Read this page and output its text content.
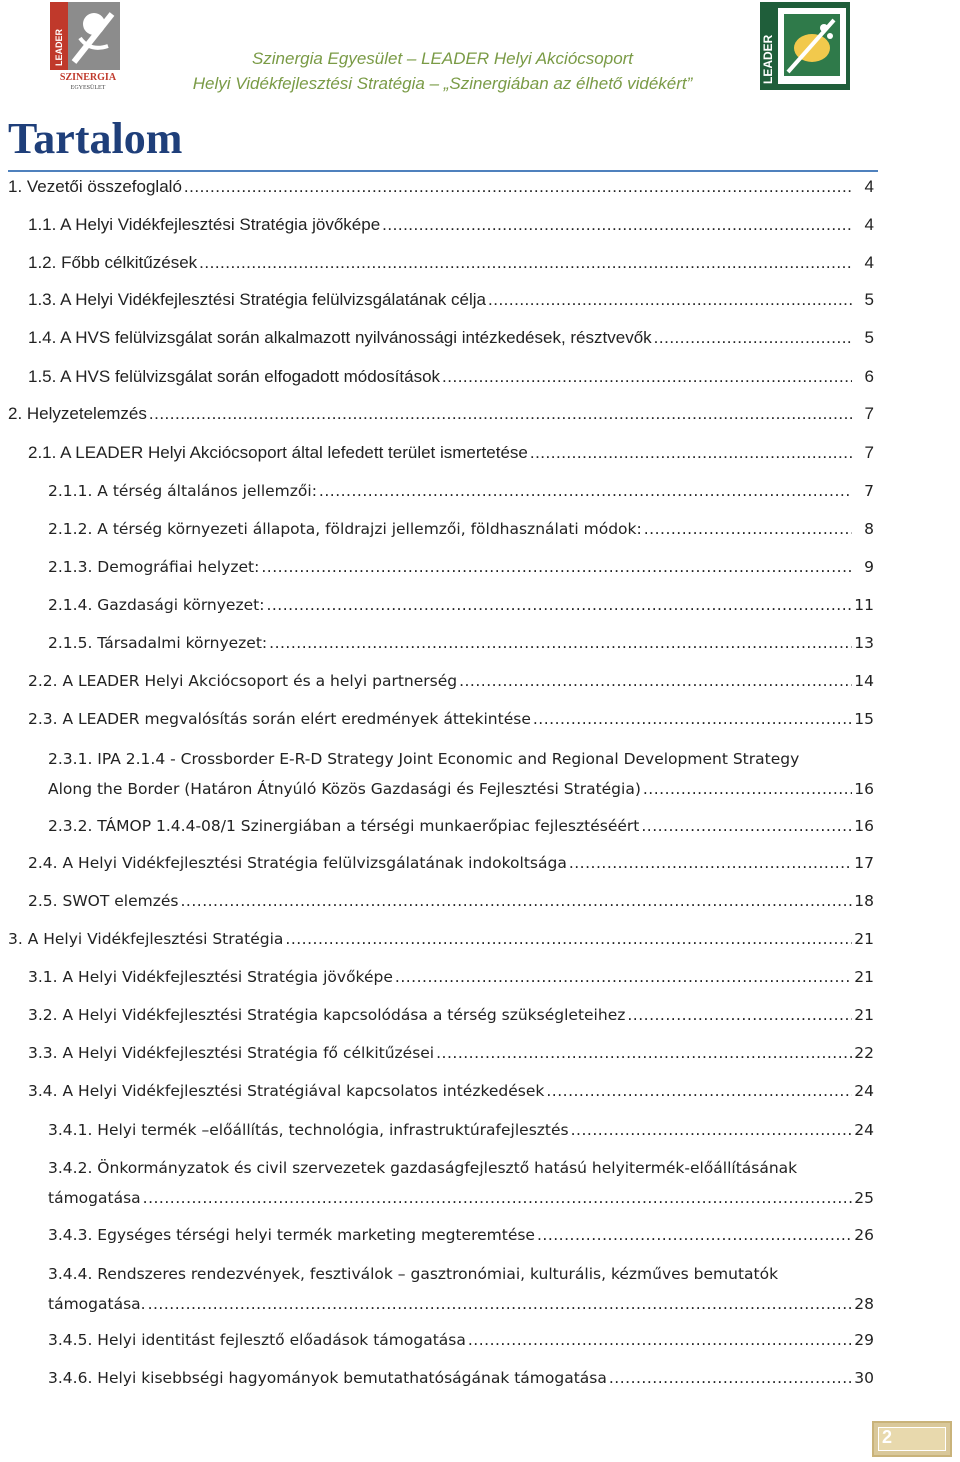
LEADER
SZINERGIA
EGYESÜLET
Szinergia Egyesület – LEADER Helyi Akciócsoport
Helyi Vidékfejlesztési Stratégia – „Szinergiában az élhető vidékért”	LEADER
Tartalom
1. Vezetői összefoglaló .....	4
1.1. A Helyi Vidékfejlesztési Stratégia jövőképe .....	4
1.2. Főbb célkitűzések .....	4
1.3. A Helyi Vidékfejlesztési Stratégia felülvizsgálatának célja .....	5
1.4. A HVS felülvizsgálat során alkalmazott nyilvánossági intézkedések, résztvevők .....	5
1.5. A HVS felülvizsgálat során elfogadott módosítások .....	6
2. Helyzetelemzés .....	7
2.1. A LEADER Helyi Akciócsoport által lefedett terület ismertetése .....	7
2.1.1. A térség általános jellemzői: .....	7
2.1.2. A térség környezeti állapota, földrajzi jellemzői, földhasználati módok: .....	8
2.1.3. Demográfiai helyzet: .....	9
2.1.4. Gazdasági környezet: .....	11
2.1.5. Társadalmi környezet: .....	13
2.2. A LEADER Helyi Akciócsoport és a helyi partnerség .....	14
2.3. A LEADER megvalósítás során elért eredmények áttekintése .....	15
2.3.1. IPA 2.1.4 - Crossborder E-R-D Strategy Joint Economic and Regional Development Strategy
Along the Border (Határon Átnyúló Közös Gazdasági és Fejlesztési Stratégia) .....	16
2.3.2. TÁMOP 1.4.4-08/1 Szinergiában a térségi munkaerőpiac fejlesztéséért .....	16
2.4. A Helyi Vidékfejlesztési Stratégia felülvizsgálatának indokoltsága .....	17
2.5. SWOT elemzés .....	18
3. A Helyi Vidékfejlesztési Stratégia .....	21
3.1. A Helyi Vidékfejlesztési Stratégia jövőképe .....	21
3.2. A Helyi Vidékfejlesztési Stratégia kapcsolódása a térség szükségleteihez .....	21
3.3. A Helyi Vidékfejlesztési Stratégia fő célkitűzései .....	22
3.4. A Helyi Vidékfejlesztési Stratégiával kapcsolatos intézkedések .....	24
3.4.1. Helyi termék –előállítás, technológia, infrastruktúrafejlesztés .....	24
3.4.2. Önkormányzatok és civil szervezetek gazdaságfejlesztő hatású helyitermék-előállításának
támogatása .....	25
3.4.3. Egységes térségi helyi termék marketing megteremtése .....	26
3.4.4. Rendszeres rendezvények, fesztiválok – gasztronómiai, kulturális, kézműves bemutatók
támogatása. .....	28
3.4.5. Helyi identitást fejlesztő előadások támogatása .....	29
3.4.6. Helyi kisebbségi hagyományok bemutathatóságának támogatása .....	30
2
